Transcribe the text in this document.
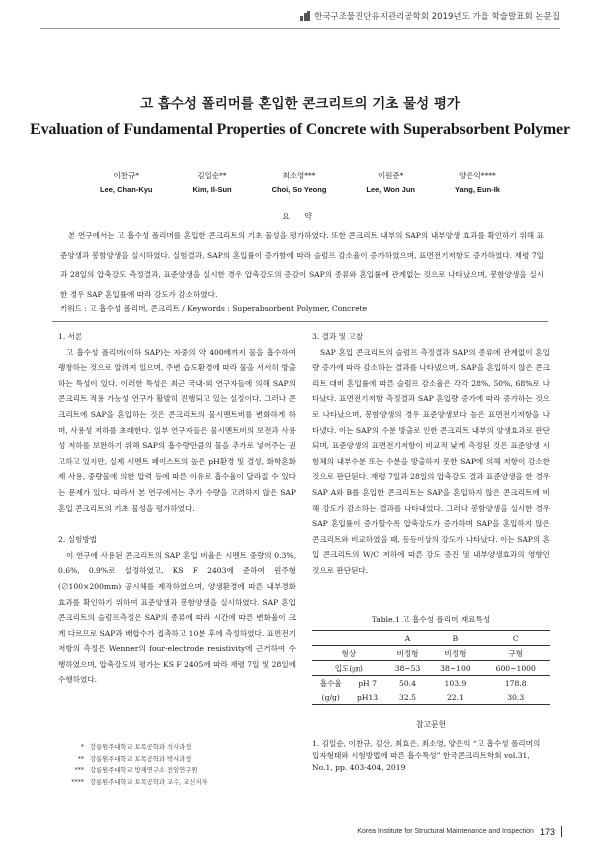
한국구조물진단유지관리공학회 2019년도 가을 학술발표회 논문집
고 흡수성 폴리머를 혼입한 콘크리트의 기초 물성 평가
Evaluation of Fundamental Properties of Concrete with Superabsorbent Polymer
이찬규*
Lee, Chan-Kyu
김일순**
Kim, Il-Sun
최소영***
Choi, So Yeong
이원준*
Lee, Won Jun
양은익****
Yang, Eun-Ik
요 약
본 연구에서는 고 흡수성 폴리머를 혼입한 콘크리트의 기초 물성을 평가하였다. 또한 콘크리트 내부의 SAP의 내부양생 효과를 확인하기 위해 표준양생과 봉함양생을 실시하였다. 실험결과, SAP의 혼입률이 증가함에 따라 슬럼프 감소율이 증가하였으며, 표면전기저항도 증가하였다. 재령 7일과 28일의 압축강도 측정결과, 표준양생을 실시한 경우 압축강도의 증감이 SAP의 종류와 혼입률에 관계없는 것으로 나타났으며, 봉함양생을 실시한 경우 SAP 혼입률에 따라 강도가 감소하였다.
키워드 : 고 흡수성 폴리머, 콘크리트 / Keywords : Superabsorbent Polymer, Concrete

1. 서론

고 흡수성 폴리머(이하 SAP)는 자중의 약 400배까지 물을 흡수하여 팽창하는 것으로 알려져 있으며, 주변 습도환경에 따라 물을 서서히 방출하는 특성이 있다. 이러한 특성은 최근 국내·외 연구자들에 의해 SAP의 콘크리트 적용 가능성 연구가 활발히 진행되고 있는 실정이다. 그러나 콘크리트에 SAP을 혼입하는 것은 콘크리트의 물시멘트비를 변화하게 하며, 사용성 저하를 초래한다. 일부 연구자들은 물시멘트비의 보전과 사용성 저하를 보완하기 위해 SAP의 흡수량만큼의 물을 추가로 넣어주는 권고하고 있지만, 실제 시멘트 페이스트의 높은 pH환경 및 결성, 화학혼화제 사용, 중량물에 의한 압력 등에 따른 이유로 흡수율이 달라질 수 있다는 문제가 있다. 따라서 본 연구에서는 추가 수량을 고려하지 않은 SAP 혼입 콘크리트의 기초 물성을 평가하였다.

2. 실험방법

이 연구에 사용된 콘크리트의 SAP 혼입 비율은 시멘트 중량의 0.3%, 0.6%, 0.9%로 설정하였고, KS F 2403에 준하여 원주형(∅100×200mm) 공시체를 제작하였으며, 양생환경에 따른 내부경화 효과를 확인하기 위하여 표준양생과 봉함양생을 실시하였다. SAP 혼입 콘크리트의 슬럼프측정은 SAP의 종류에 따라 시간에 따른 변화율이 크게 다르므로 SAP과 배합수가 접촉하고 10분 후에 측정하였다. 표면전기저항의 측정은 Wenner의 four-electrode resistivity에 근거하여 수행하였으며, 압축강도의 평가는 KS F 2405에 따라 재령 7일 및 28일에 수행하였다.

3. 결과 및 고찰

SAP 혼입 콘크리트의 슬럼프 측정결과 SAP의 종류에 관계없이 혼입량 증가에 따라 감소하는 결과를 나타냈으며, SAP을 혼입하지 않은 콘크리트 대비 혼입률에 따른 슬럼프 감소율은 각각 28%, 50%, 68%로 나타났다. 표면전기저항 측정결과 SAP 혼입량 증가에 따라 증가하는 것으로 나타났으며, 봉함양생의 경우 표준양생보다 높은 표면전기저항을 나타냈다. 이는 SAP의 수분 방출로 인한 콘크리트 내부의 양생효과로 판단되며, 표준양생의 표면전기저항이 비교적 낮게 측정된 것은 표준양생 시험체의 내부수분 또는 수분을 방출하지 못한 SAP에 의해 저항이 감소한 것으로 판단된다. 재령 7일과 28일의 압축강도 결과 표준양생을 한 경우 SAP A와 B를 혼입한 콘크리트는 SAP을 혼입하지 않은 콘크리트에 비해 강도가 감소하는 결과를 나타내었다. 그러나 봉함양생을 실시한 경우 SAP 혼입률이 증가할수록 압축강도가 증가하며 SAP을 혼입하지 않은 콘크리트와 비교하였을 때, 동등이상의 강도가 나타났다. 이는 SAP의 혼입 콘크리트의 W/C 저하에 따른 강도 증진 및 내부양생효과의 영향인 것으로 판단된다.

Table.1 고 흡수성 폴리머 재료특성
		A	B	C
형상		비정형	비정형	구형
입도(㎛)		38~53	38~100	600~1000
흡수율	pH 7	50.4	103.9	178.8
(g/g)	pH13	32.5	22.1	30.3
참고문헌
1. 김일순, 이찬규, 김산, 최효은, 최소영, 양은익 “고 흡수성 폴리머의 입자형태와 시험방법에 따른 흡수특성” 한국콘크리트학회 vol.31, No.1, pp. 403-404, 2019
* 강릉원주대학교 토목공학과 석사과정
** 강릉원주대학교 토목공학과 박사과정
*** 강릉원주대학교 방재연구소 전임연구원
**** 강릉원주대학교 토목공학과 교수, 교신저자
Korea Institute for Structural Maintenance and Inspection 173
